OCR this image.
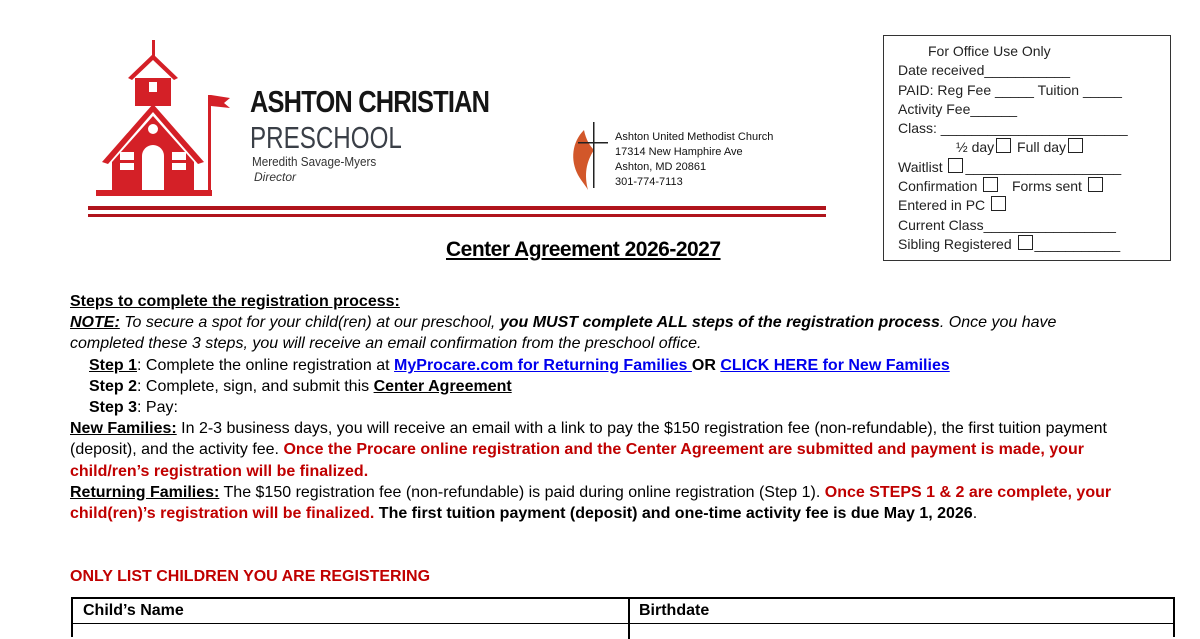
ASHTON CHRISTIAN
PRESCHOOL
Meredith Savage-Myers
Director
Ashton United Methodist Church
17314 New Hamphire Ave
Ashton, MD 20861
301-774-7113
For Office Use Only
Date received___________
PAID: Reg Fee _____ Tuition _____
Activity Fee______
Class: ________________________
½ day Full day
Waitlist ____________________
Confirmation Forms sent
Entered in PC
Current Class_________________
Sibling Registered ___________
Center Agreement 2026-2027

Steps to complete the registration process:

NOTE: To secure a spot for your child(ren) at our preschool, you MUST complete ALL steps of the registration process. Once you have completed these 3 steps, you will receive an email confirmation from the preschool office.

Step 1: Complete the online registration at MyProcare.com for Returning Families OR CLICK HERE for New Families

Step 2: Complete, sign, and submit this Center Agreement

Step 3: Pay:

New Families: In 2-3 business days, you will receive an email with a link to pay the $150 registration fee (non-refundable), the first tuition payment (deposit), and the activity fee. Once the Procare online registration and the Center Agreement are submitted and payment is made, your child/ren’s registration will be finalized.

Returning Families: The $150 registration fee (non-refundable) is paid during online registration (Step 1). Once STEPS 1 & 2 are complete, your child(ren)’s registration will be finalized. The first tuition payment (deposit) and one-time activity fee is due May 1, 2026.

ONLY LIST CHILDREN YOU ARE REGISTERING
Child’s Name	Birthdate
